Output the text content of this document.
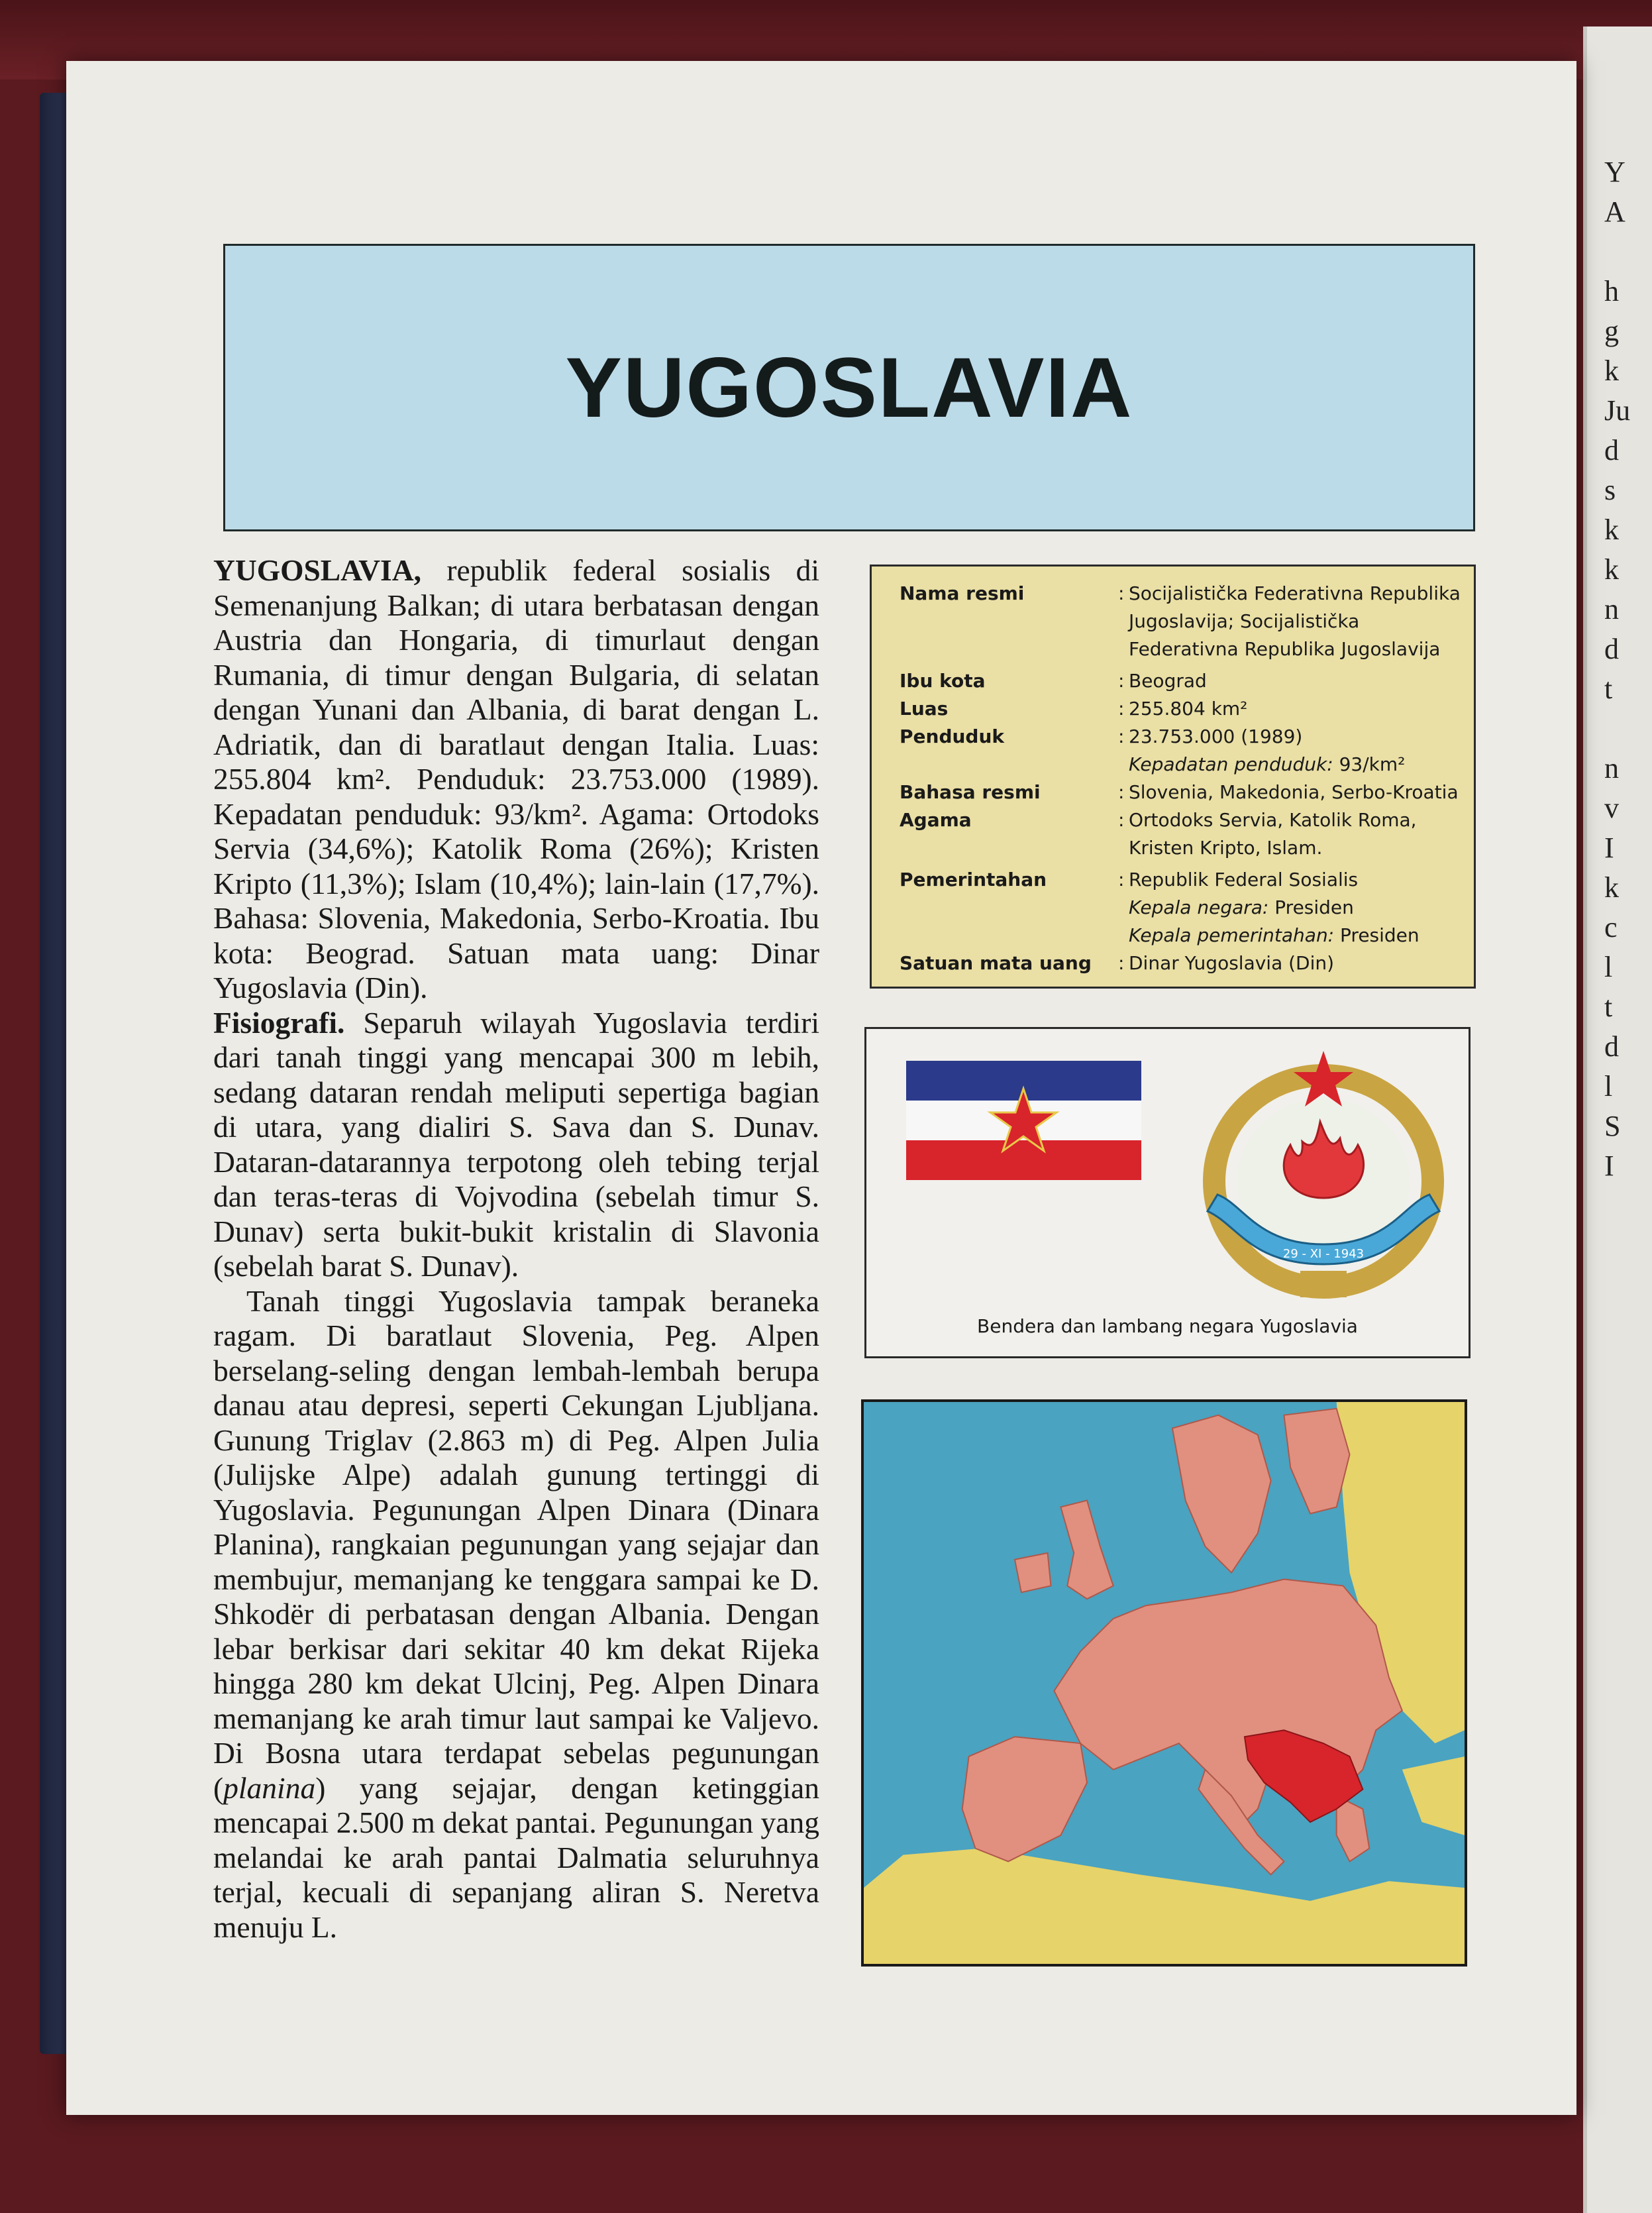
Y
A

h
g
k
Ju
d
s
k
k
n
d
t

n
v
I
k
c
l
t
d
l
S
I
YUGOSLAVIA

YUGOSLAVIA, republik federal sosialis di Semenanjung Balkan; di utara berbatasan dengan Austria dan Hongaria, di timurlaut dengan Rumania, di timur dengan Bulgaria, di selatan dengan Yunani dan Albania, di barat dengan L. Adriatik, dan di baratlaut dengan Italia. Luas: 255.804 km². Penduduk: 23.753.000 (1989). Kepadatan penduduk: 93/km². Agama: Ortodoks Servia (34,6%); Katolik Roma (26%); Kristen Kripto (11,3%); Islam (10,4%); lain-lain (17,7%). Bahasa: Slovenia, Makedonia, Serbo-Kroatia. Ibu kota: Beograd. Satuan mata uang: Dinar Yugoslavia (Din).

Fisiografi. Separuh wilayah Yugoslavia terdiri dari tanah tinggi yang mencapai 300 m lebih, sedang dataran rendah meliputi sepertiga bagian di utara, yang dialiri S. Sava dan S. Dunav. Dataran-datarannya terpotong oleh tebing terjal dan teras-teras di Vojvodina (sebelah timur S. Dunav) serta bukit-bukit kristalin di Slavonia (sebelah barat S. Dunav).

Tanah tinggi Yugoslavia tampak beraneka ragam. Di baratlaut Slovenia, Peg. Alpen berselang-seling dengan lembah-lembah berupa danau atau depresi, seperti Cekungan Ljubljana. Gunung Triglav (2.863 m) di Peg. Alpen Julia (Julijske Alpe) adalah gunung tertinggi di Yugoslavia. Pegunungan Alpen Dinara (Dinara Planina), rangkaian pegunungan yang sejajar dan membujur, memanjang ke tenggara sampai ke D. Shkodër di perbatasan dengan Albania. Dengan lebar berkisar dari sekitar 40 km dekat Rijeka hingga 280 km dekat Ulcinj, Peg. Alpen Dinara memanjang ke arah timur laut sampai ke Valjevo. Di Bosna utara terdapat sebelas pegunungan (planina) yang sejajar, dengan ketinggian mencapai 2.500 m dekat pantai. Pegunungan yang melandai ke arah pantai Dalmatia seluruhnya terjal, kecuali di sepanjang aliran S. Neretva menuju L.

Nama resmi	: Socijalistička Federativna Republika Jugoslavija; Socijalistička Federativna Republika Jugoslavija
Ibu kota	: Beograd
Luas	: 255.804 km²
Penduduk	: 23.753.000 (1989)
Kepadatan penduduk: 93/km²
Bahasa resmi	: Slovenia, Makedonia, Serbo-Kroatia
Agama	: Ortodoks Servia, Katolik Roma, Kristen Kripto, Islam.
Pemerintahan	: Republik Federal Sosialis
Kepala negara: Presiden
Kepala pemerintahan: Presiden
Satuan mata uang	: Dinar Yugoslavia (Din)
29 - XI - 1943
Bendera dan lambang negara Yugoslavia
